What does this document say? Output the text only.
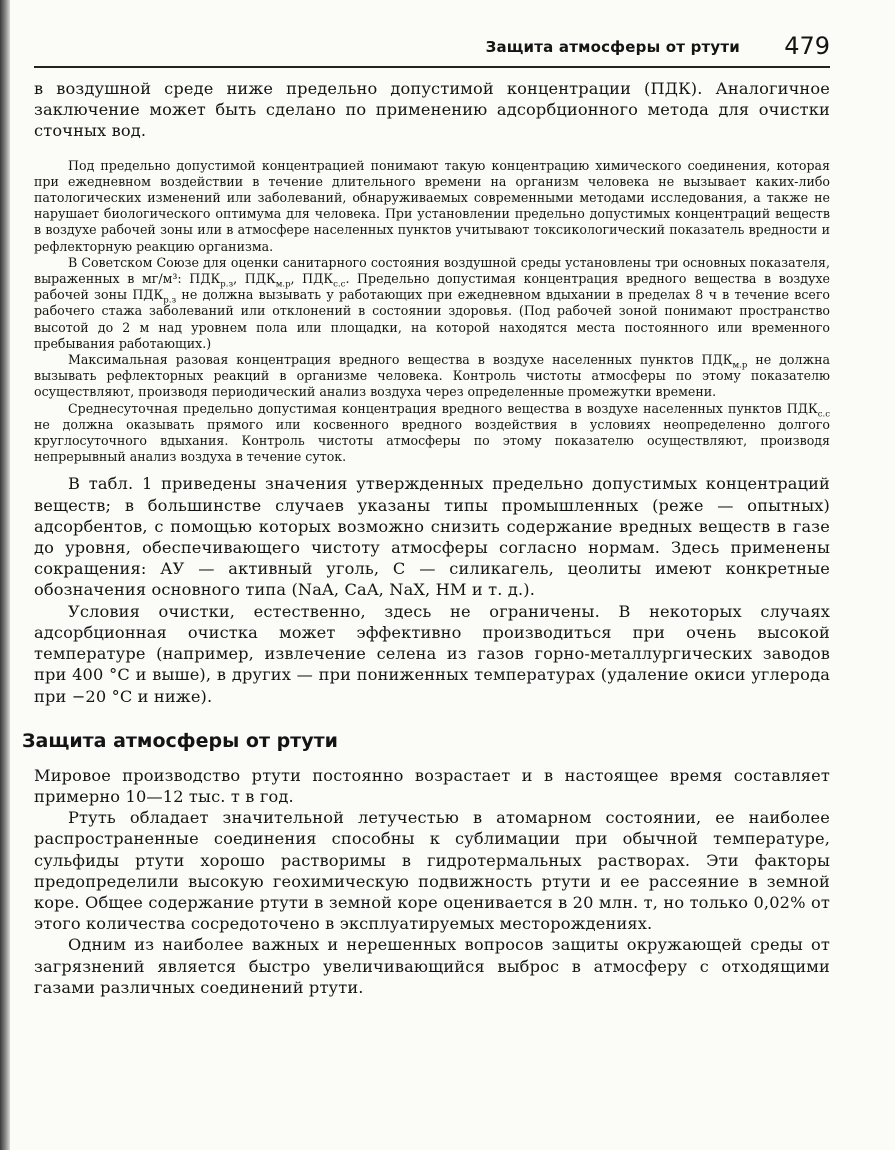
Защита атмосферы от ртути 479

в воздушной среде ниже предельно допустимой концентрации (ПДК). Аналогичное заключение может быть сделано по применению адсорбционного метода для очистки сточных вод.

Под предельно допустимой концентрацией понимают такую концентрацию химического соединения, которая при ежедневном воздействии в течение длительного времени на организм человека не вызывает каких-либо патологических изменений или заболеваний, обнаруживаемых современными методами исследования, а также не нарушает биологического оптимума для человека. При установлении предельно допустимых концентраций веществ в воздухе рабочей зоны или в атмосфере населенных пунктов учитывают токсикологический показатель вредности и рефлекторную реакцию организма.

В Советском Союзе для оценки санитарного состояния воздушной среды установлены три основных показателя, выраженных в мг/м³: $ПДК_{р.з}$, $ПДК_{м.р}$, $ПДК_{с.с}$. Предельно допустимая концентрация вредного вещества в воздухе рабочей зоны $ПДК_{р.з}$ не должна вызывать у работающих при ежедневном вдыхании в пределах 8 ч в течение всего рабочего стажа заболеваний или отклонений в состоянии здоровья. (Под рабочей зоной понимают пространство высотой до 2 м над уровнем пола или площадки, на которой находятся места постоянного или временного пребывания работающих.)

Максимальная разовая концентрация вредного вещества в воздухе населенных пунктов $ПДК_{м.р}$ не должна вызывать рефлекторных реакций в организме человека. Контроль чистоты атмосферы по этому показателю осуществляют, производя периодический анализ воздуха через определенные промежутки времени.

Среднесуточная предельно допустимая концентрация вредного вещества в воздухе населенных пунктов $ПДК_{с.с}$ не должна оказывать прямого или косвенного вредного воздействия в условиях неопределенно долгого круглосуточного вдыхания. Контроль чистоты атмосферы по этому показателю осуществляют, производя непрерывный анализ воздуха в течение суток.

В табл. 1 приведены значения утвержденных предельно допустимых концентраций веществ; в большинстве случаев указаны типы промышленных (реже — опытных) адсорбентов, с помощью которых возможно снизить содержание вредных веществ в газе до уровня, обеспечивающего чистоту атмосферы согласно нормам. Здесь применены сокращения: АУ — активный уголь, С — силикагель, цеолиты имеют конкретные обозначения основного типа (NaA, CaA, NaX, НМ и т. д.).

Условия очистки, естественно, здесь не ограничены. В некоторых случаях адсорбционная очистка может эффективно производиться при очень высокой температуре (например, извлечение селена из газов горно-металлургических заводов при 400 °С и выше), в других — при пониженных температурах (удаление окиси углерода при −20 °С и ниже).

Защита атмосферы от ртути

Мировое производство ртути постоянно возрастает и в настоящее время составляет примерно 10—12 тыс. т в год.

Ртуть обладает значительной летучестью в атомарном состоянии, ее наиболее распространенные соединения способны к сублимации при обычной температуре, сульфиды ртути хорошо растворимы в гидротермальных растворах. Эти факторы предопределили высокую геохимическую подвижность ртути и ее рассеяние в земной коре. Общее содержание ртути в земной коре оценивается в 20 млн. т, но только 0,02% от этого количества сосредоточено в эксплуатируемых месторождениях.

Одним из наиболее важных и нерешенных вопросов защиты окружающей среды от загрязнений является быстро увеличивающийся выброс в атмосферу с отходящими газами различных соединений ртути.
